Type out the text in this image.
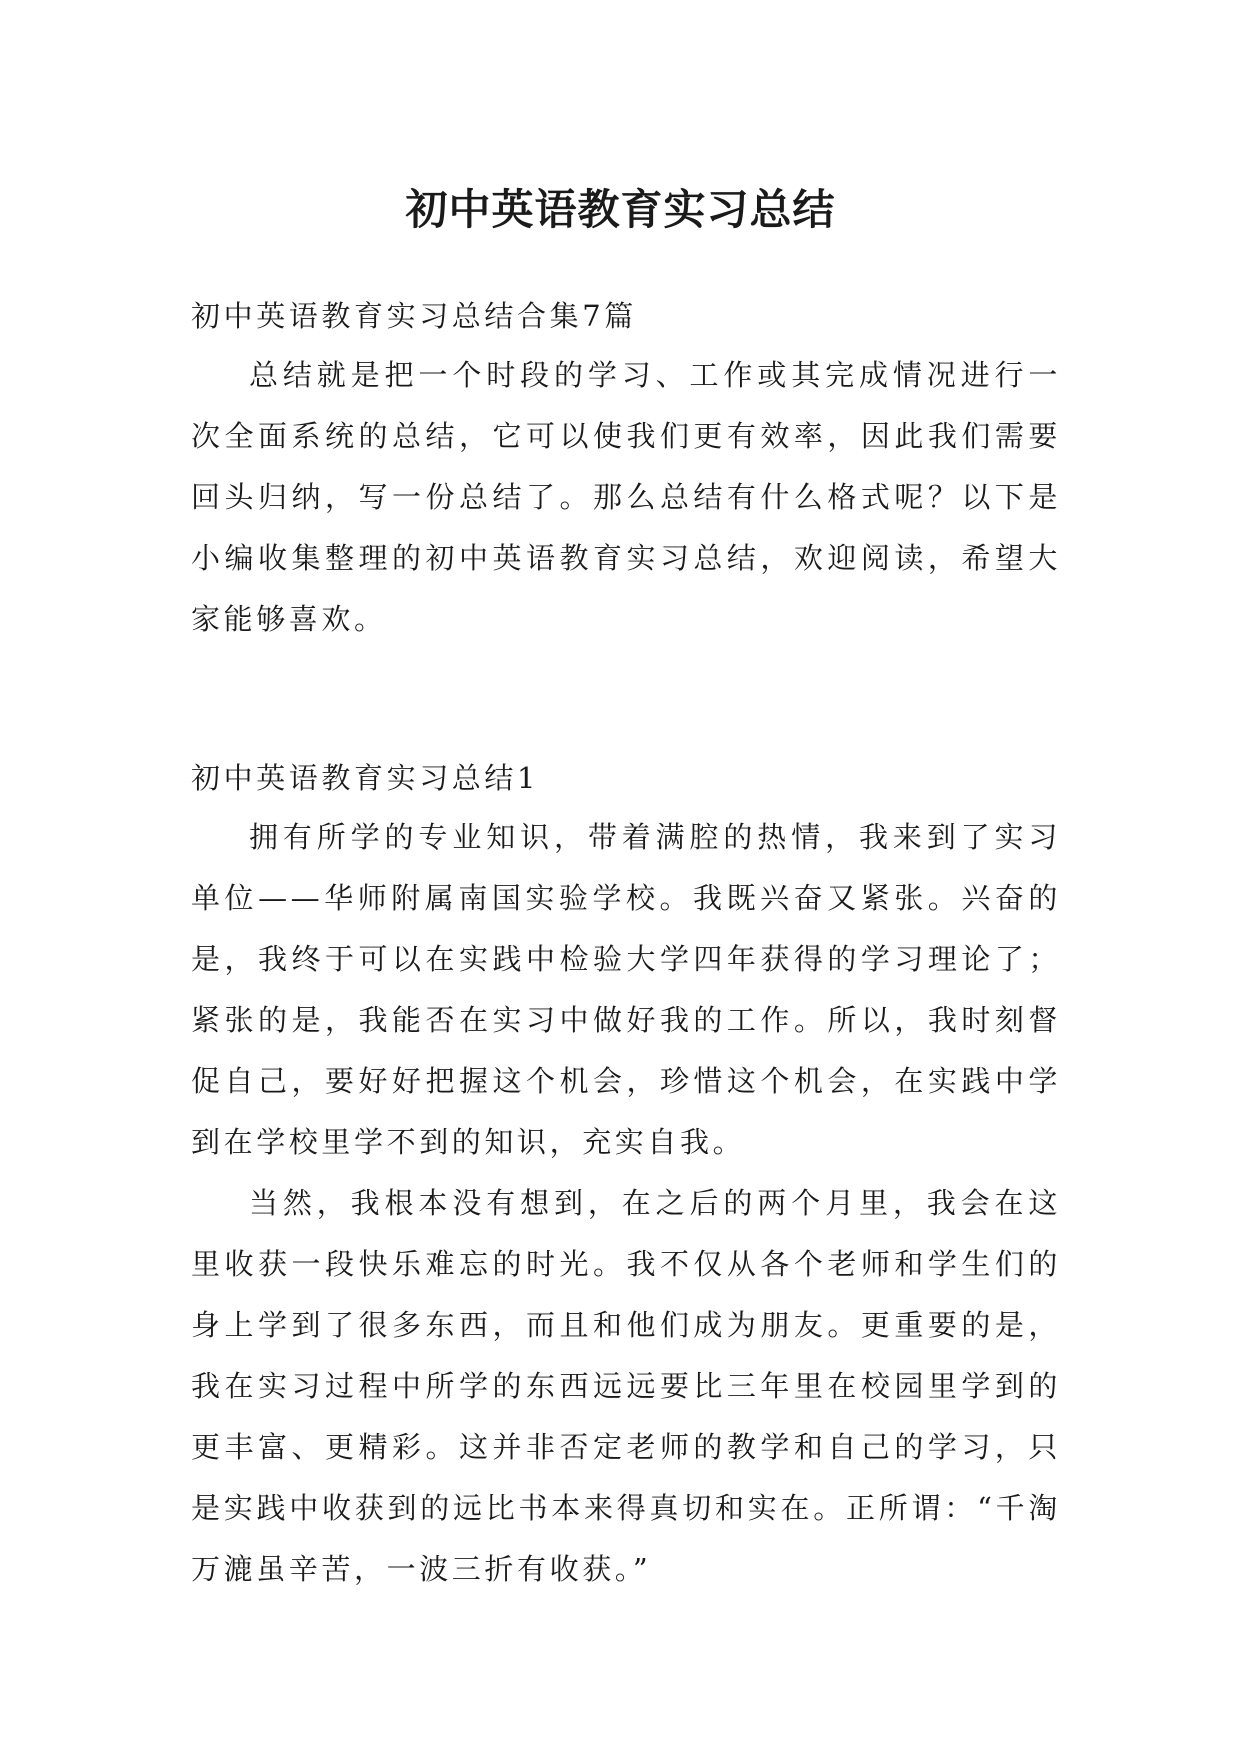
初中英语教育实习总结

初中英语教育实习总结合集7篇

总结就是把一个时段的学习、工作或其完成情况进行一次全面系统的总结，它可以使我们更有效率，因此我们需要回头归纳，写一份总结了。那么总结有什么格式呢？以下是小编收集整理的初中英语教育实习总结，欢迎阅读，希望大家能够喜欢。

初中英语教育实习总结1

拥有所学的专业知识，带着满腔的热情，我来到了实习单位——华师附属南国实验学校。我既兴奋又紧张。兴奋的是，我终于可以在实践中检验大学四年获得的学习理论了；紧张的是，我能否在实习中做好我的工作。所以，我时刻督促自己，要好好把握这个机会，珍惜这个机会，在实践中学到在学校里学不到的知识，充实自我。

当然，我根本没有想到，在之后的两个月里，我会在这里收获一段快乐难忘的时光。我不仅从各个老师和学生们的身上学到了很多东西，而且和他们成为朋友。更重要的是，我在实习过程中所学的东西远远要比三年里在校园里学到的更丰富、更精彩。这并非否定老师的教学和自己的学习，只是实践中收获到的远比书本来得真切和实在。正所谓：“千淘万漉虽辛苦，一波三折有收获。”
